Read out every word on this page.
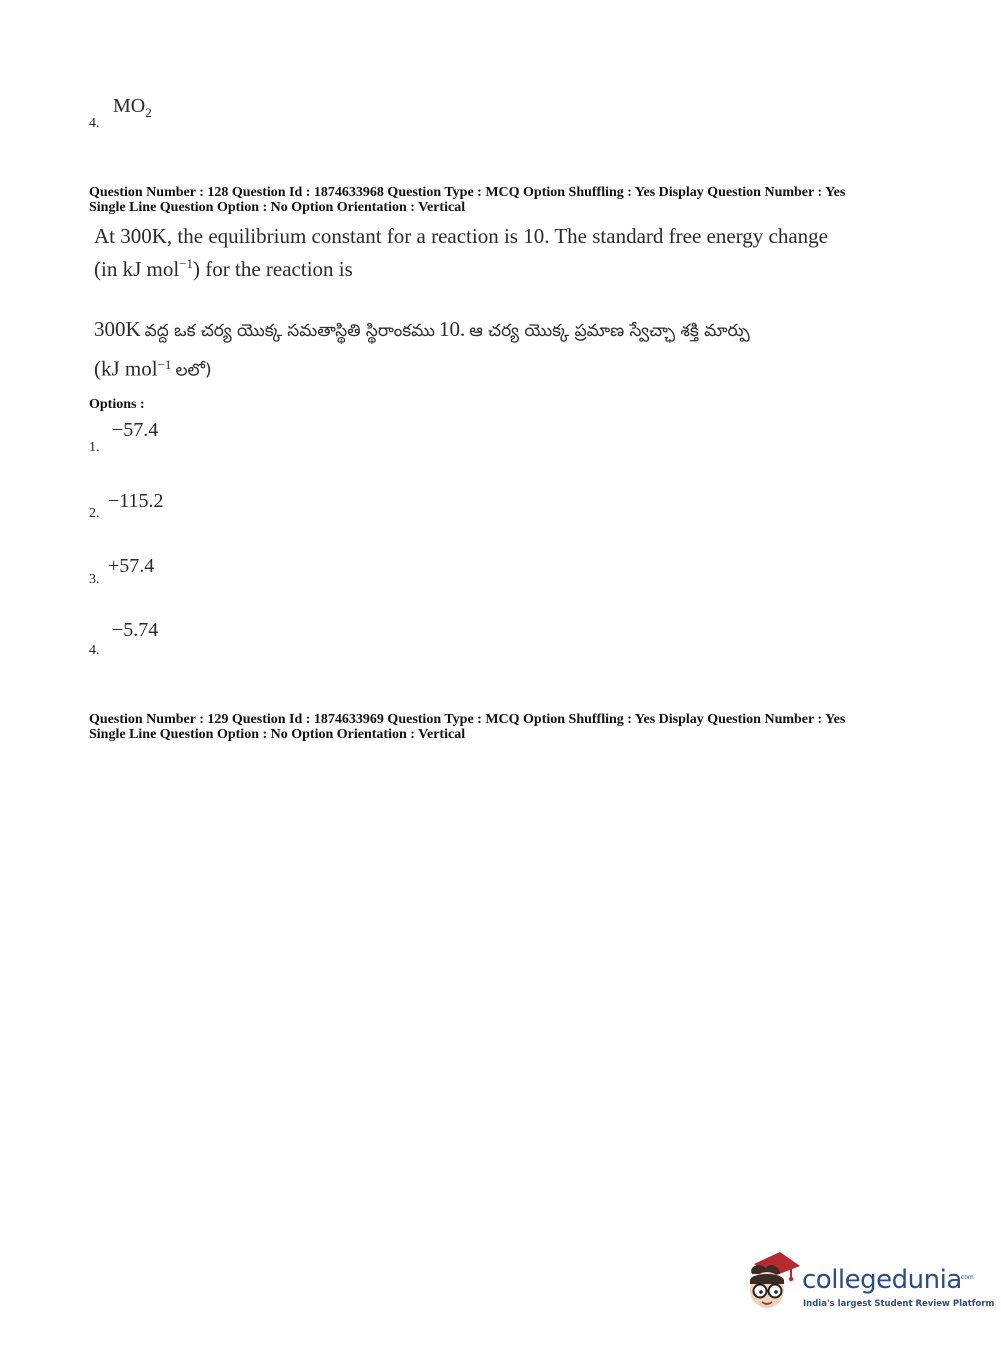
4.
$MO_2$
Question Number : 128 Question Id : 1874633968 Question Type : MCQ Option Shuffling : Yes Display Question Number : Yes
Single Line Question Option : No Option Orientation : Vertical
At 300K, the equilibrium constant for a reaction is 10. The standard free energy change
(in kJ mol$^{-1}$) for the reaction is
300K వద్ద ఒక చర్య యొక్క సమతాస్థితి స్థిరాంకము 10. ఆ చర్య యొక్క ప్రమాణ స్వేచ్ఛా శక్తి మార్పు
(kJ mol$^{-1}$ లలో)
Options :
1.
−57.4
2.
−115.2
3.
+57.4
4.
−5.74
Question Number : 129 Question Id : 1874633969 Question Type : MCQ Option Shuffling : Yes Display Question Number : Yes
Single Line Question Option : No Option Orientation : Vertical
collegedunia
.com
India's largest Student Review Platform
